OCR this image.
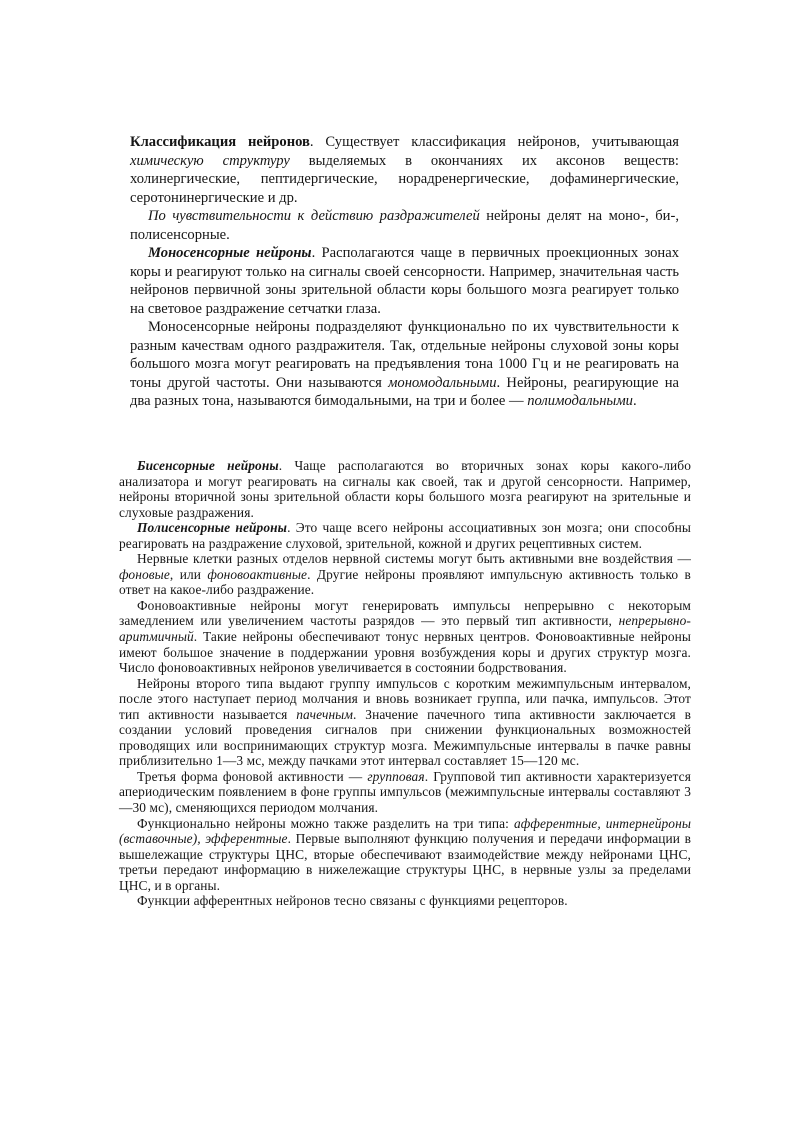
Классификация нейронов. Существует классификация нейронов, учитывающая химическую структуру выделяемых в окончаниях их аксонов веществ: холинергические, пептидергические, норадренергические, дофаминергические, серотонинергические и др.

По чувствительности к действию раздражителей нейроны делят на моно-, би-, полисенсорные.

Моносенсорные нейроны. Располагаются чаще в первичных проекционных зонах коры и реагируют только на сигналы своей сенсорности. Например, значительная часть нейронов первичной зоны зрительной области коры большого мозга реагирует только на световое раздражение сетчатки глаза.

Моносенсорные нейроны подразделяют функционально по их чувствительности к разным качествам одного раздражителя. Так, отдельные нейроны слуховой зоны коры большого мозга могут реагировать на предъявления тона 1000 Гц и не реагировать на тоны другой частоты. Они называются мономодальными. Нейроны, реагирующие на два разных тона, называются бимодальными, на три и более — полимодальными.

Бисенсорные нейроны. Чаще располагаются во вторичных зонах коры какого-либо анализатора и могут реагировать на сигналы как своей, так и другой сенсорности. Например, нейроны вторичной зоны зрительной области коры большого мозга реагируют на зрительные и слуховые раздражения.

Полисенсорные нейроны. Это чаще всего нейроны ассоциативных зон мозга; они способны реагировать на раздражение слуховой, зрительной, кожной и других рецептивных систем.

Нервные клетки разных отделов нервной системы могут быть активными вне воздействия — фоновые, или фоновоактивные. Другие нейроны проявляют импульсную активность только в ответ на какое-либо раздражение.

Фоновоактивные нейроны могут генерировать импульсы непрерывно с некоторым замедлением или увеличением частоты разрядов — это первый тип активности, непрерывно-аритмичный. Такие нейроны обеспечивают тонус нервных центров. Фоновоактивные нейроны имеют большое значение в поддержании уровня возбуждения коры и других структур мозга. Число фоновоактивных нейронов увеличивается в состоянии бодрствования.

Нейроны второго типа выдают группу импульсов с коротким межимпульсным интервалом, после этого наступает период молчания и вновь возникает группа, или пачка, импульсов. Этот тип активности называется пачечным. Значение пачечного типа активности заключается в создании условий проведения сигналов при снижении функциональных возможностей проводящих или воспринимающих структур мозга. Межимпульсные интервалы в пачке равны приблизительно 1—3 мс, между пачками этот интервал составляет 15—120 мс.

Третья форма фоновой активности — групповая. Групповой тип активности характеризуется апериодическим появлением в фоне группы импульсов (межимпульсные интервалы составляют 3—30 мс), сменяющихся периодом молчания.

Функционально нейроны можно также разделить на три типа: афферентные, интернейроны (вставочные), эфферентные. Первые выполняют функцию получения и передачи информации в вышележащие структуры ЦНС, вторые обеспечивают взаимодействие между нейронами ЦНС, третьи передают информацию в нижележащие структуры ЦНС, в нервные узлы за пределами ЦНС, и в органы.

Функции афферентных нейронов тесно связаны с функциями рецепторов.
